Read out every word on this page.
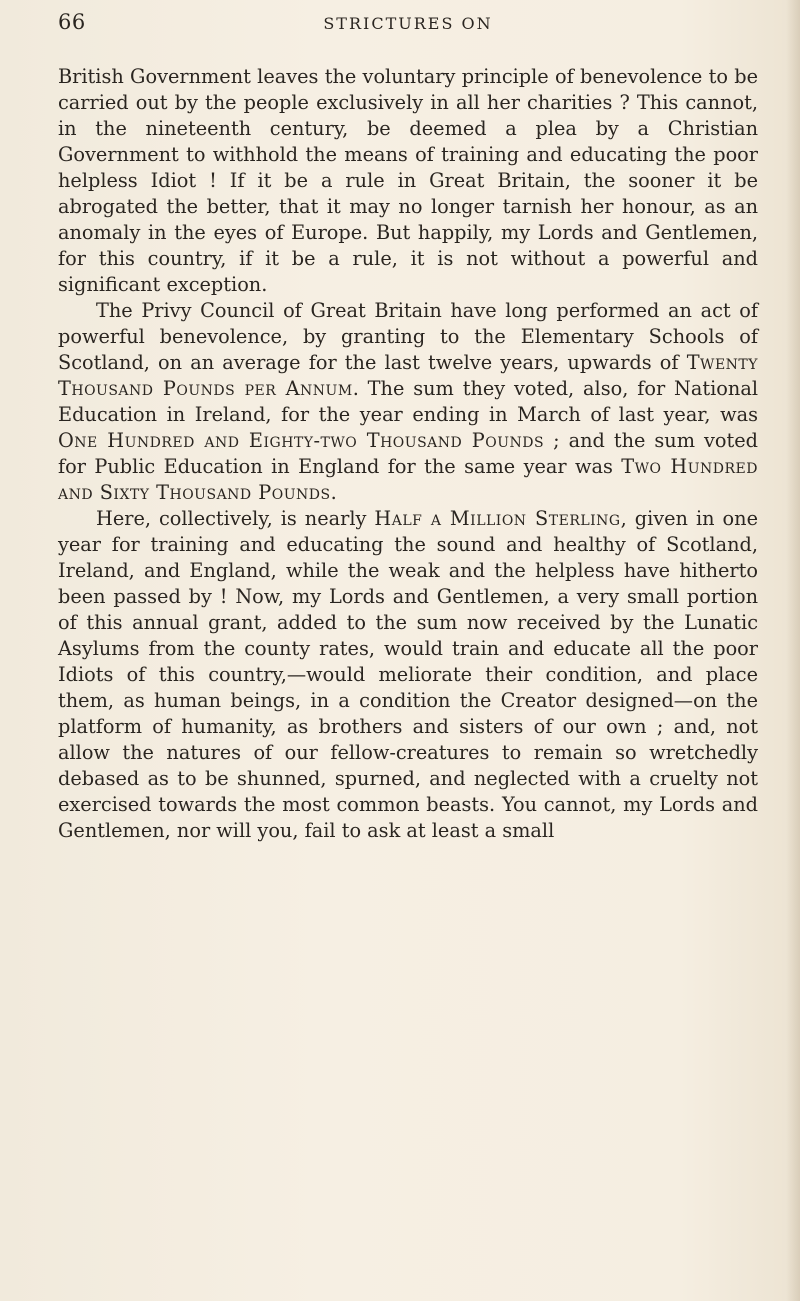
66	STRICTURES ON

British Government leaves the voluntary principle of benevolence to be carried out by the people exclusively in all her charities ? This cannot, in the nineteenth century, be deemed a plea by a Christian Government to withhold the means of training and educating the poor helpless Idiot ! If it be a rule in Great Britain, the sooner it be abrogated the better, that it may no longer tarnish her honour, as an anomaly in the eyes of Europe. But happily, my Lords and Gentlemen, for this country, if it be a rule, it is not without a powerful and significant exception.

The Privy Council of Great Britain have long performed an act of powerful benevolence, by granting to the Elementary Schools of Scotland, on an average for the last twelve years, upwards of Twenty Thousand Pounds per Annum. The sum they voted, also, for National Education in Ireland, for the year ending in March of last year, was One Hundred and Eighty-two Thousand Pounds ; and the sum voted for Public Education in England for the same year was Two Hundred and Sixty Thousand Pounds.

Here, collectively, is nearly Half a Million Sterling, given in one year for training and educating the sound and healthy of Scotland, Ireland, and England, while the weak and the helpless have hitherto been passed by ! Now, my Lords and Gentlemen, a very small portion of this annual grant, added to the sum now received by the Lunatic Asylums from the county rates, would train and educate all the poor Idiots of this country,—would meliorate their condition, and place them, as human beings, in a condition the Creator designed—on the platform of humanity, as brothers and sisters of our own ; and, not allow the natures of our fellow-creatures to remain so wretchedly debased as to be shunned, spurned, and neglected with a cruelty not exercised towards the most common beasts. You cannot, my Lords and Gentlemen, nor will you, fail to ask at least a small
